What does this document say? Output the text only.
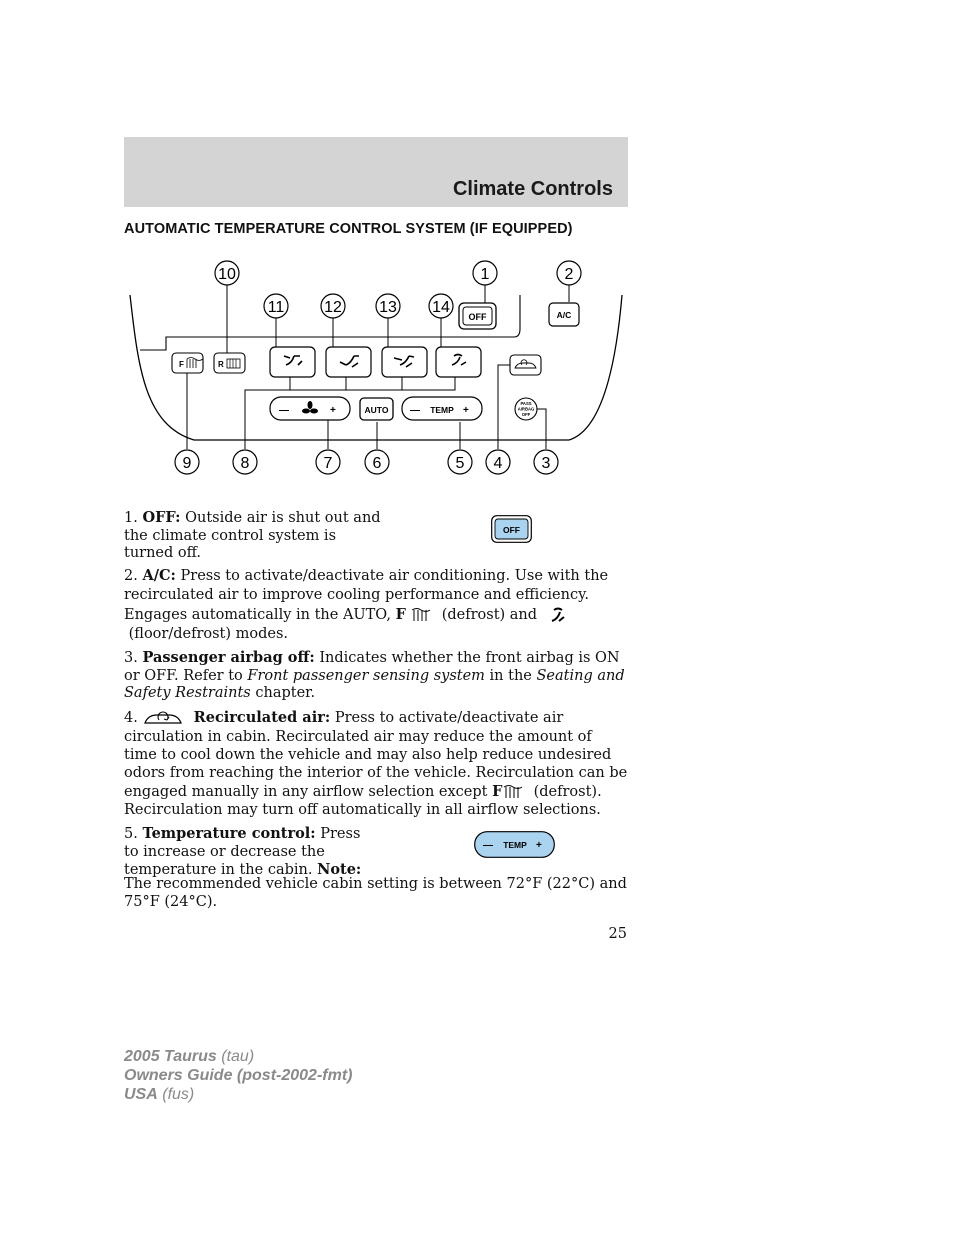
Climate Controls
AUTOMATIC TEMPERATURE CONTROL SYSTEM (IF EQUIPPED)
10	1	2
11 12 13 14
9	8	7	6	5 4 3
OFF	A/C
F	R
—	+	AUTO — TEMP +
PASS
AIRBAG
OFF
1. OFF: Outside air is shut out and the climate control system is turned off.
OFF
2. A/C: Press to activate/deactivate air conditioning. Use with the recirculated air to improve cooling performance and efficiency. Engages automatically in the AUTO, F (defrost) and   (floor/defrost) modes.
3. Passenger airbag off: Indicates whether the front airbag is ON or OFF. Refer to Front passenger sensing system in the Seating and Safety Restraints chapter.
4.	Recirculated air: Press to activate/deactivate air circulation in cabin. Recirculated air may reduce the amount of time to cool down the vehicle and may also help reduce undesired odors from reaching the interior of the vehicle. Recirculation can be engaged manually in any airflow selection except F (defrost). Recirculation may turn off automatically in all airflow selections.
5. Temperature control: Press to increase or decrease the temperature in the cabin. Note:
The recommended vehicle cabin setting is between 72°F (22°C) and 75°F (24°C).
— TEMP +
25
2005 Taurus (tau)
Owners Guide (post-2002-fmt)
USA (fus)
